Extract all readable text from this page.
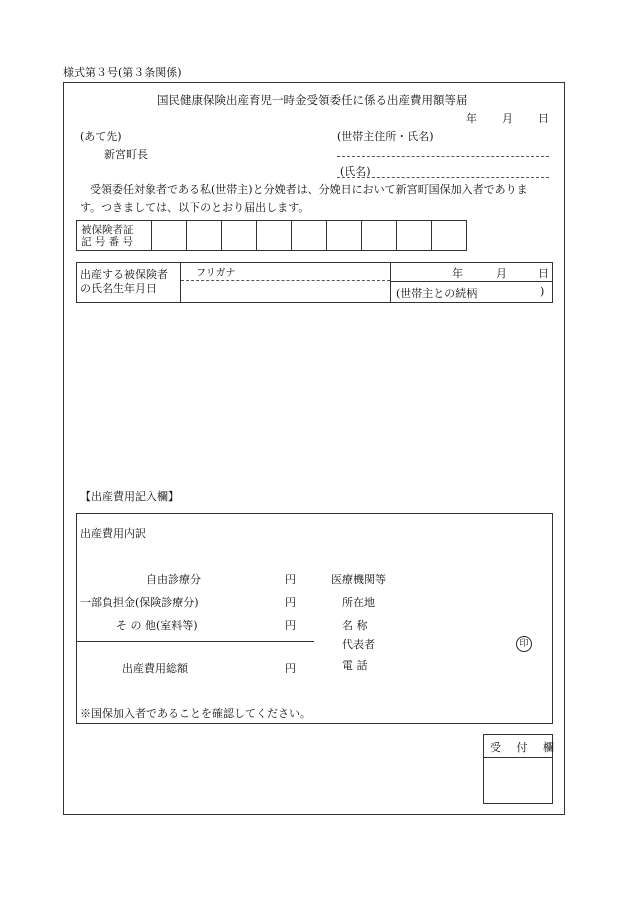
様式第３号(第３条関係)
国民健康保険出産育児一時金受領委任に係る出産費用額等届
年 月 日
(あて先)
新宮町長
(世帯主住所・氏名)
(氏名)
受領委任対象者である私(世帯主)と分娩者は、分娩日において新宮町国保加入者でありま
す。つきましては、以下のとおり届出します。
被保険者証
記 号 番 号

出産する被保険者
の氏名生年月日
フリガナ	年	月	日
(世帯主との続柄	)
【出産費用記入欄】
出産費用内訳
自由診療分	円
一部負担金(保険診療分)	円
そ の 他(室料等)	円
出産費用総額	円
医療機関等
所在地
名 称
代表者
電 話
印
※国保加入者であることを確認してください。
受 付 欄
